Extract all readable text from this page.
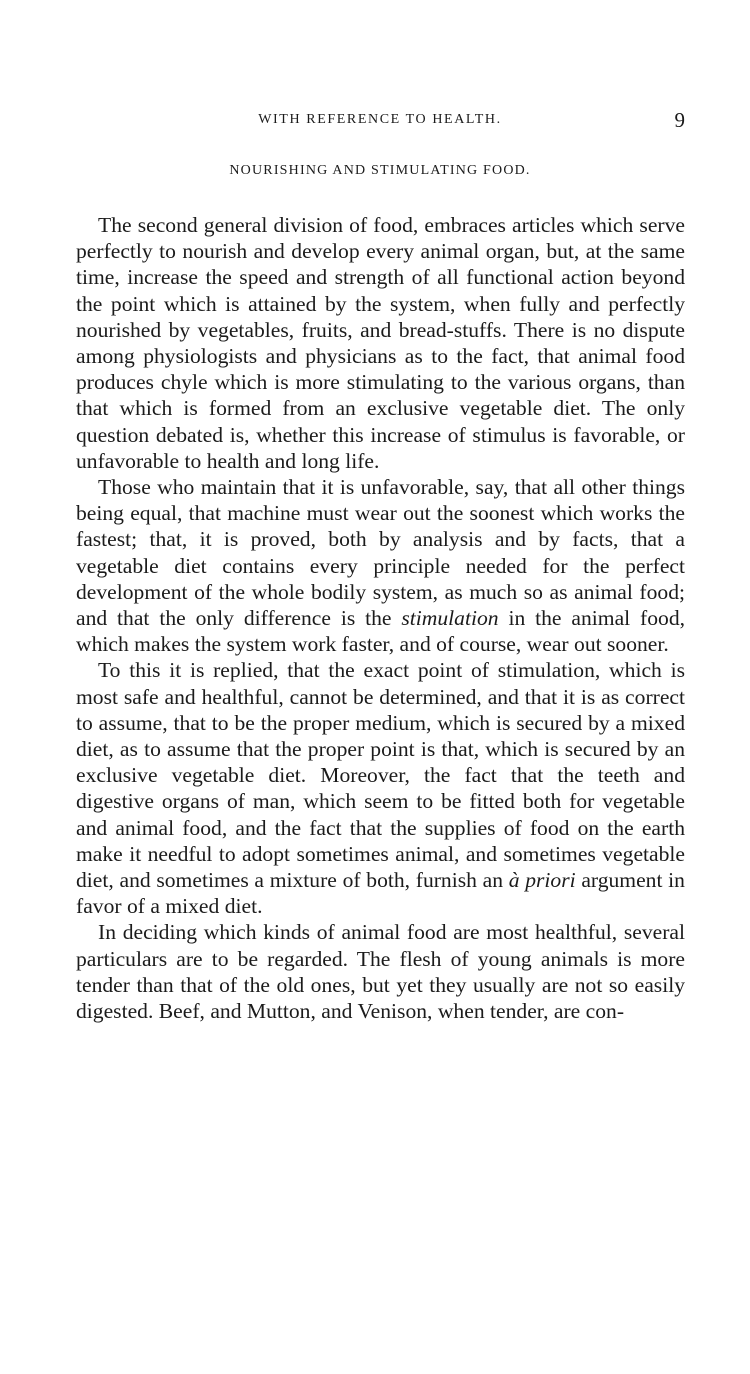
WITH REFERENCE TO HEALTH.	9
NOURISHING AND STIMULATING FOOD.

The second general division of food, embraces articles which serve perfectly to nourish and develop every animal organ, but, at the same time, increase the speed and strength of all functional action beyond the point which is attained by the system, when fully and perfectly nourished by vegetables, fruits, and bread-stuffs. There is no dispute among physiologists and physicians as to the fact, that animal food produces chyle which is more stimulating to the various organs, than that which is formed from an exclusive vegetable diet. The only question debated is, whether this increase of stimulus is favorable, or unfavorable to health and long life.

Those who maintain that it is unfavorable, say, that all other things being equal, that machine must wear out the soonest which works the fastest; that, it is proved, both by analysis and by facts, that a vegetable diet contains every principle needed for the perfect development of the whole bodily system, as much so as animal food; and that the only difference is the stimulation in the animal food, which makes the system work faster, and of course, wear out sooner.

To this it is replied, that the exact point of stimulation, which is most safe and healthful, cannot be determined, and that it is as correct to assume, that to be the proper medium, which is secured by a mixed diet, as to assume that the proper point is that, which is secured by an exclusive vegetable diet. Moreover, the fact that the teeth and digestive organs of man, which seem to be fitted both for vegetable and animal food, and the fact that the supplies of food on the earth make it needful to adopt sometimes animal, and sometimes vegetable diet, and sometimes a mixture of both, furnish an à priori argument in favor of a mixed diet.

In deciding which kinds of animal food are most healthful, several particulars are to be regarded. The flesh of young animals is more tender than that of the old ones, but yet they usually are not so easily digested. Beef, and Mutton, and Venison, when tender, are con-
